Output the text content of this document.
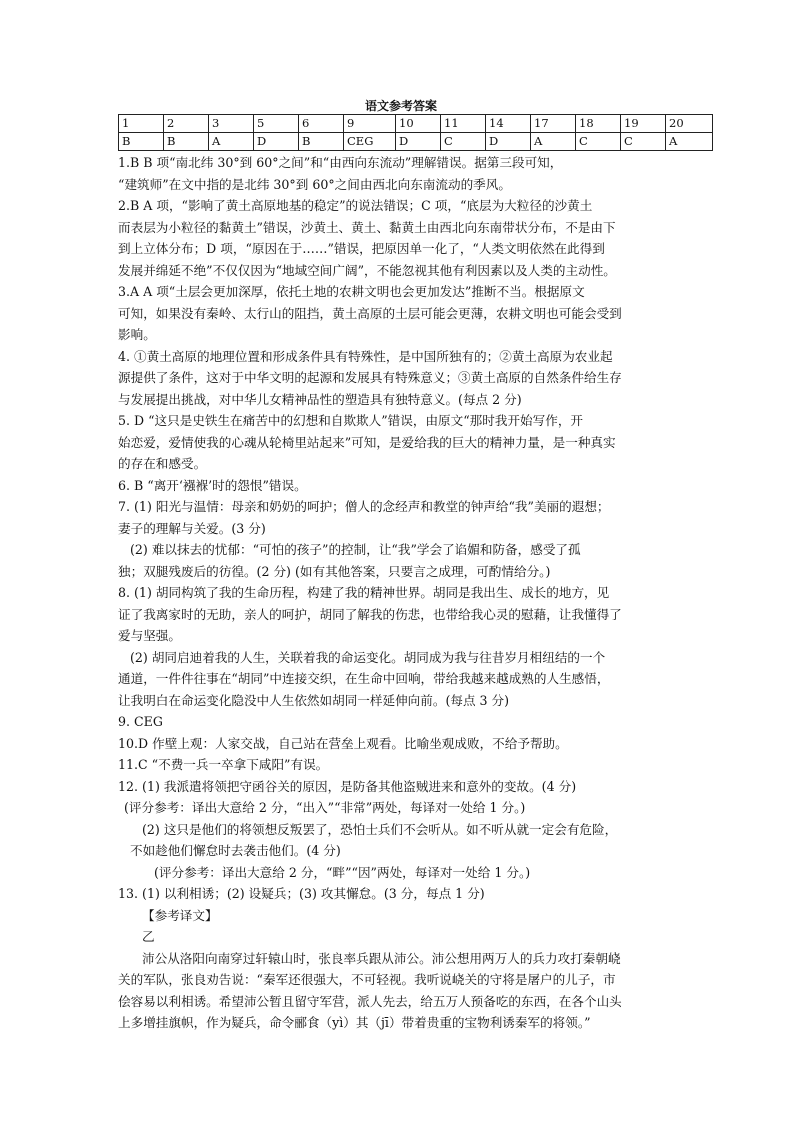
语文参考答案
1	2	3	5	6	9	10	11	14	17	18	19	20
B	B	A	D	B	CEG	D	C	D	A	C	C	A
1.B B 项“南北纬 30°到 60°之间”和“由西向东流动”理解错误。据第三段可知，
“建筑师”在文中指的是北纬 30°到 60°之间由西北向东南流动的季风。
2.B A 项，“影响了黄土高原地基的稳定”的说法错误；C 项，“底层为大粒径的沙黄土
而表层为小粒径的黏黄土”错误，沙黄土、黄土、黏黄土由西北向东南带状分布，不是由下
到上立体分布；D 项，“原因在于……”错误，把原因单一化了，“人类文明依然在此得到
发展并绵延不绝”不仅仅因为“地域空间广阔”，不能忽视其他有利因素以及人类的主动性。
3.A A 项“土层会更加深厚，依托土地的农耕文明也会更加发达”推断不当。根据原文
可知，如果没有秦岭、太行山的阻挡，黄土高原的土层可能会更薄，农耕文明也可能会受到
影响。
4. ①黄土高原的地理位置和形成条件具有特殊性，是中国所独有的；②黄土高原为农业起
源提供了条件，这对于中华文明的起源和发展具有特殊意义；③黄土高原的自然条件给生存
与发展提出挑战，对中华儿女精神品性的塑造具有独特意义。(每点 2 分)
5. D “这只是史铁生在痛苦中的幻想和自欺欺人”错误，由原文“那时我开始写作，开
始恋爱，爱情使我的心魂从轮椅里站起来”可知，是爱给我的巨大的精神力量，是一种真实
的存在和感受。
6. B “离开‘襁褓’时的怨恨”错误。
7. (1) 阳光与温情：母亲和奶奶的呵护；僧人的念经声和教堂的钟声给“我”美丽的遐想；
妻子的理解与关爱。(3 分)
(2) 难以抹去的忧郁：“可怕的孩子”的控制，让“我”学会了谄媚和防备，感受了孤
独；双腿残废后的彷徨。(2 分) (如有其他答案，只要言之成理，可酌情给分。)
8. (1) 胡同构筑了我的生命历程，构建了我的精神世界。胡同是我出生、成长的地方，见
证了我离家时的无助，亲人的呵护，胡同了解我的伤悲，也带给我心灵的慰藉，让我懂得了
爱与坚强。
(2) 胡同启迪着我的人生，关联着我的命运变化。胡同成为我与往昔岁月相纽结的一个
通道，一件件往事在“胡同”中连接交织，在生命中回响，带给我越来越成熟的人生感悟，
让我明白在命运变化隐没中人生依然如胡同一样延伸向前。(每点 3 分)
9. CEG
10.D 作壁上观：人家交战，自己站在营垒上观看。比喻坐观成败，不给予帮助。
11.C “不费一兵一卒拿下咸阳”有误。
12. (1) 我派遣将领把守函谷关的原因，是防备其他盗贼进来和意外的变故。(4 分)
(评分参考：译出大意给 2 分，“出入”“非常”两处，每译对一处给 1 分。)
(2) 这只是他们的将领想反叛罢了，恐怕士兵们不会听从。如不听从就一定会有危险，
不如趁他们懈怠时去袭击他们。(4 分)
(评分参考：译出大意给 2 分，“畔”“因”两处，每译对一处给 1 分。)
13. (1) 以利相诱；(2) 设疑兵；(3) 攻其懈怠。(3 分，每点 1 分)
【参考译文】
乙
沛公从洛阳向南穿过轩辕山时，张良率兵跟从沛公。沛公想用两万人的兵力攻打秦朝峣
关的军队，张良劝告说：“秦军还很强大，不可轻视。我听说峣关的守将是屠户的儿子，市
侩容易以利相诱。希望沛公暂且留守军营，派人先去，给五万人预备吃的东西，在各个山头
上多增挂旗帜，作为疑兵，命令郦食（yì）其（jī）带着贵重的宝物利诱秦军的将领。”
